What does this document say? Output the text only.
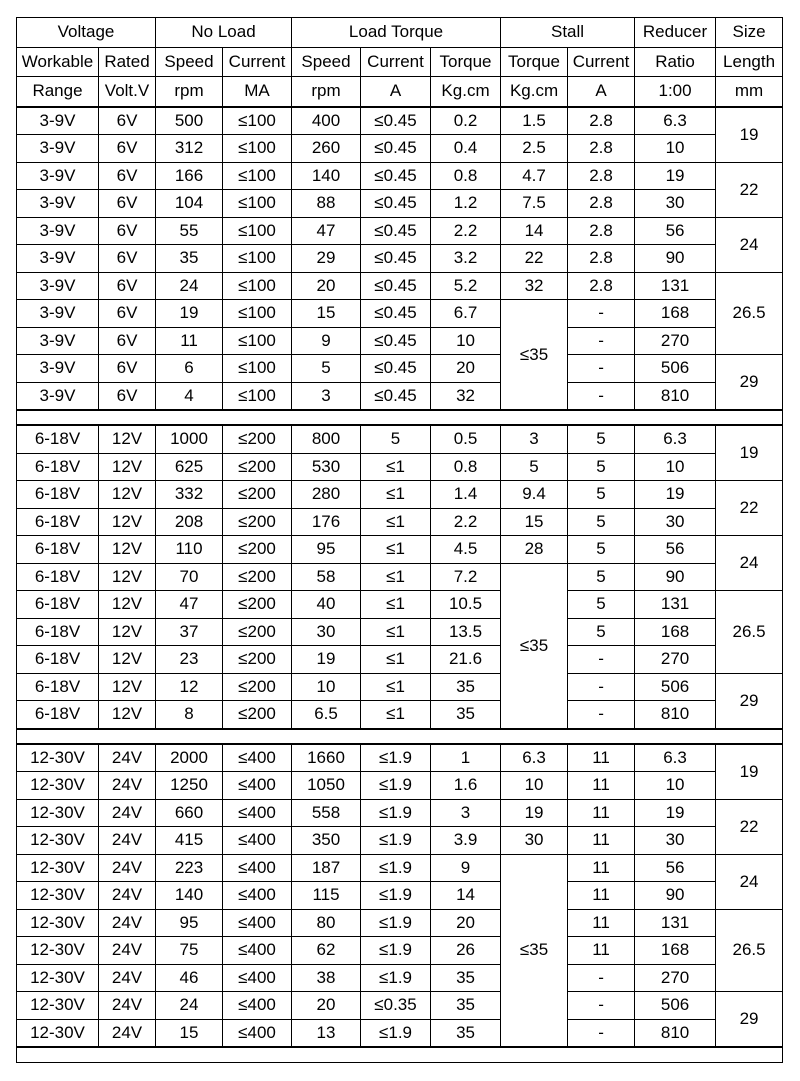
Voltage		No Load		Load Torque			Stall		Reducer	Size
Workable	Rated	Speed	Current	Speed	Current	Torque	Torque	Current	Ratio	Length
Range	Volt.V	rpm	MA	rpm	A	Kg.cm	Kg.cm	A	1:00	mm
3-9V	6V	500	≤100	400	≤0.45	0.2	1.5	2.8	6.3	19
3-9V	6V	312	≤100	260	≤0.45	0.4	2.5	2.8	10	
3-9V	6V	166	≤100	140	≤0.45	0.8	4.7	2.8	19	22
3-9V	6V	104	≤100	88	≤0.45	1.2	7.5	2.8	30	
3-9V	6V	55	≤100	47	≤0.45	2.2	14	2.8	56	24
3-9V	6V	35	≤100	29	≤0.45	3.2	22	2.8	90	
3-9V	6V	24	≤100	20	≤0.45	5.2	32	2.8	131	26.5
3-9V	6V	19	≤100	15	≤0.45	6.7	≤35	-	168	
3-9V	6V	11	≤100	9	≤0.45	10		-	270	
3-9V	6V	6	≤100	5	≤0.45	20		-	506	29
3-9V	6V	4	≤100	3	≤0.45	32		-	810	

6-18V	12V	1000	≤200	800	5	0.5	3	5	6.3	19
6-18V	12V	625	≤200	530	≤1	0.8	5	5	10	
6-18V	12V	332	≤200	280	≤1	1.4	9.4	5	19	22
6-18V	12V	208	≤200	176	≤1	2.2	15	5	30	
6-18V	12V	110	≤200	95	≤1	4.5	28	5	56	24
6-18V	12V	70	≤200	58	≤1	7.2	≤35	5	90	
6-18V	12V	47	≤200	40	≤1	10.5		5	131	26.5
6-18V	12V	37	≤200	30	≤1	13.5		5	168	
6-18V	12V	23	≤200	19	≤1	21.6		-	270	
6-18V	12V	12	≤200	10	≤1	35		-	506	29
6-18V	12V	8	≤200	6.5	≤1	35		-	810	

12-30V	24V	2000	≤400	1660	≤1.9	1	6.3	11	6.3	19
12-30V	24V	1250	≤400	1050	≤1.9	1.6	10	11	10	
12-30V	24V	660	≤400	558	≤1.9	3	19	11	19	22
12-30V	24V	415	≤400	350	≤1.9	3.9	30	11	30	
12-30V	24V	223	≤400	187	≤1.9	9	≤35	11	56	24
12-30V	24V	140	≤400	115	≤1.9	14		11	90	
12-30V	24V	95	≤400	80	≤1.9	20		11	131	26.5
12-30V	24V	75	≤400	62	≤1.9	26		11	168	
12-30V	24V	46	≤400	38	≤1.9	35		-	270	
12-30V	24V	24	≤400	20	≤0.35	35		-	506	29
12-30V	24V	15	≤400	13	≤1.9	35		-	810	
